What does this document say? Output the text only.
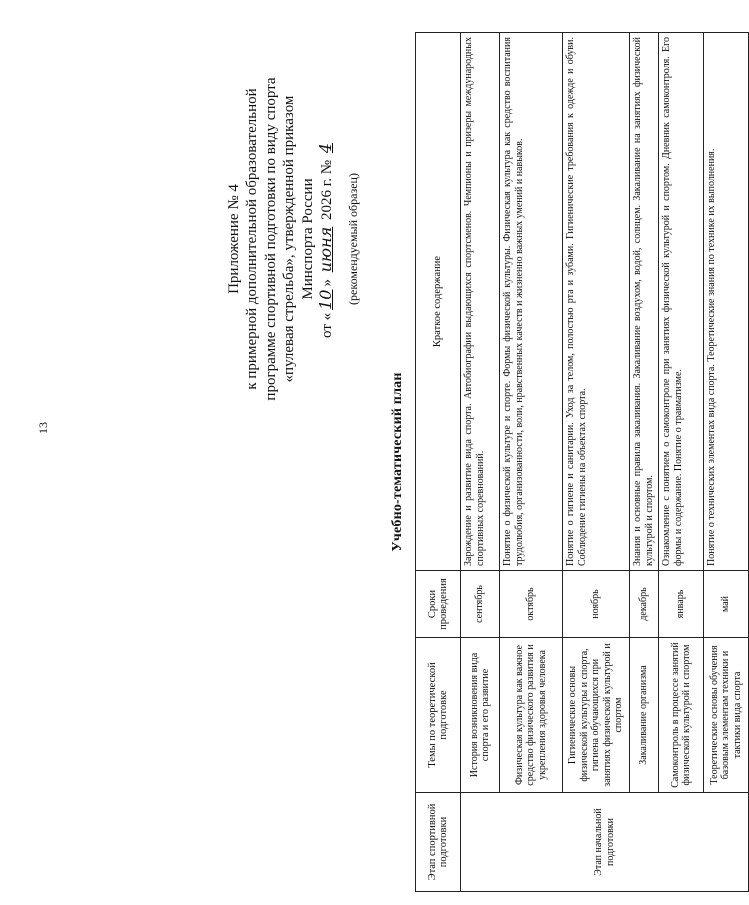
13
Приложение № 4 к примерной дополнительной образовательной программе спортивной подготовки по виду спорта «пулевая стрельба», утвержденной приказом Минспорта России
от «10» июня 2026 г. № 4
(рекомендуемый образец)
Учебно-тематический план
Этап спортивной подготовки	Темы по теоретической подготовке	Сроки проведения	Краткое содержание
Этап начальной подготовки	История возникновения вида спорта и его развитие	сентябрь	Зарождение и развитие вида спорта. Автобиографии выдающихся спортсменов. Чемпионы и призеры международных спортивных соревнований.
	Физическая культура как важное средство физического развития и укрепления здоровья человека	октябрь	Понятие о физической культуре и спорте. Формы физической культуры. Физическая культура как средство воспитания трудолюбия, организованности, воли, нравственных качеств и жизненно важных умений и навыков.
	Гигиенические основы физической культуры и спорта, гигиена обучающихся при занятиях физической культурой и спортом	ноябрь	Понятие о гигиене и санитарии. Уход за телом, полостью рта и зубами. Гигиенические требования к одежде и обуви. Соблюдение гигиены на объектах спорта.
	Закаливание организма	декабрь	Знания и основные правила закаливания. Закаливание воздухом, водой, солнцем. Закаливание на занятиях физической культурой и спортом.
	Самоконтроль в процессе занятий физической культурой и спортом	январь	Ознакомление с понятием о самоконтроле при занятиях физической культурой и спортом. Дневник самоконтроля. Его формы и содержание. Понятие о травматизме.
	Теоретические основы обучения базовым элементам техники и тактики вида спорта	май	Понятие о технических элементах вида спорта. Теоретические знания по технике их выполнения.
